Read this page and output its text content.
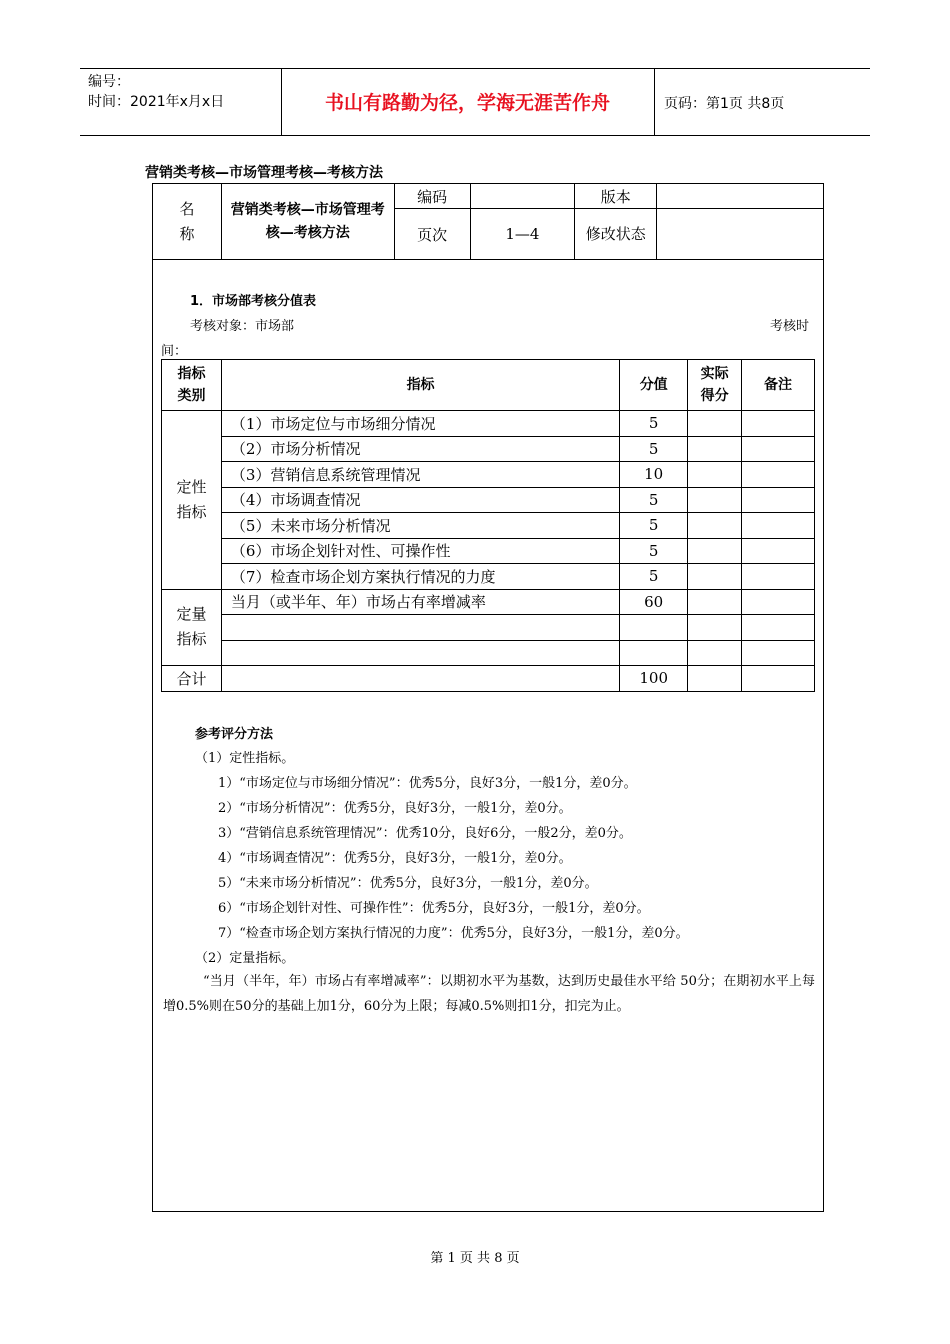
编号：
时间：2021年x月x日	书山有路勤为径，学海无涯苦作舟	页码：第1页 共8页
营销类考核—市场管理考核—考核方法
名
称	营销类考核—市场管理考核—考核方法	编码		版本	
		页次	1—4	修改状态	
1．市场部考核分值表
考核对象：市场部	考核时
间：
指标
类别	指标	分值	实际
得分	备注
定性
指标	（1）市场定位与市场细分情况	5		
	（2）市场分析情况	5		
	（3）营销信息系统管理情况	10		
	（4）市场调查情况	5		
	（5）未来市场分析情况	5		
	（6）市场企划针对性、可操作性	5		
	（7）检查市场企划方案执行情况的力度	5		
定量
指标	当月（或半年、年）市场占有率增减率	60		

合计		100		
参考评分方法
（1）定性指标。
1）“市场定位与市场细分情况”：优秀5分，良好3分，一般1分，差0分。
2）“市场分析情况”：优秀5分，良好3分，一般1分，差0分。
3）“营销信息系统管理情况”：优秀10分，良好6分，一般2分，差0分。
4）“市场调查情况”：优秀5分，良好3分，一般1分，差0分。
5）“未来市场分析情况”：优秀5分，良好3分，一般1分，差0分。
6）“市场企划针对性、可操作性”：优秀5分，良好3分，一般1分，差0分。
7）“检查市场企划方案执行情况的力度”：优秀5分，良好3分，一般1分，差0分。
（2）定量指标。
“当月（半年，年）市场占有率增减率”：以期初水平为基数，达到历史最佳水平给 50分；在期初水平上每增0.5%则在50分的基础上加1分，60分为上限；每减0.5%则扣1分，扣完为止。
第 1 页 共 8 页
